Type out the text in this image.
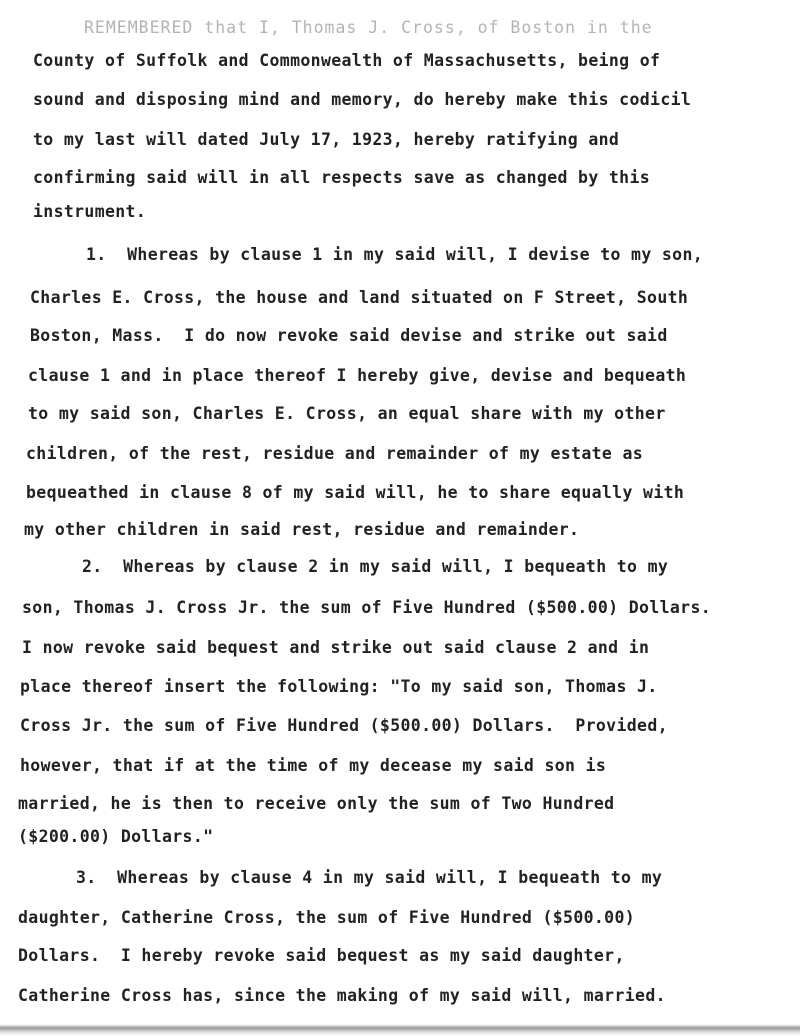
REMEMBERED that I, Thomas J. Cross, of Boston in the
County of Suffolk and Commonwealth of Massachusetts, being of
sound and disposing mind and memory, do hereby make this codicil
to my last will dated July 17, 1923, hereby ratifying and
confirming said will in all respects save as changed by this
instrument.
1.  Whereas by clause 1 in my said will, I devise to my son,
Charles E. Cross, the house and land situated on F Street, South
Boston, Mass.  I do now revoke said devise and strike out said
clause 1 and in place thereof I hereby give, devise and bequeath
to my said son, Charles E. Cross, an equal share with my other
children, of the rest, residue and remainder of my estate as
bequeathed in clause 8 of my said will, he to share equally with
my other children in said rest, residue and remainder.
2.  Whereas by clause 2 in my said will, I bequeath to my
son, Thomas J. Cross Jr. the sum of Five Hundred ($500.00) Dollars.
I now revoke said bequest and strike out said clause 2 and in
place thereof insert the following: "To my said son, Thomas J.
Cross Jr. the sum of Five Hundred ($500.00) Dollars.  Provided,
however, that if at the time of my decease my said son is
married, he is then to receive only the sum of Two Hundred
($200.00) Dollars."
3.  Whereas by clause 4 in my said will, I bequeath to my
daughter, Catherine Cross, the sum of Five Hundred ($500.00)
Dollars.  I hereby revoke said bequest as my said daughter,
Catherine Cross has, since the making of my said will, married.
